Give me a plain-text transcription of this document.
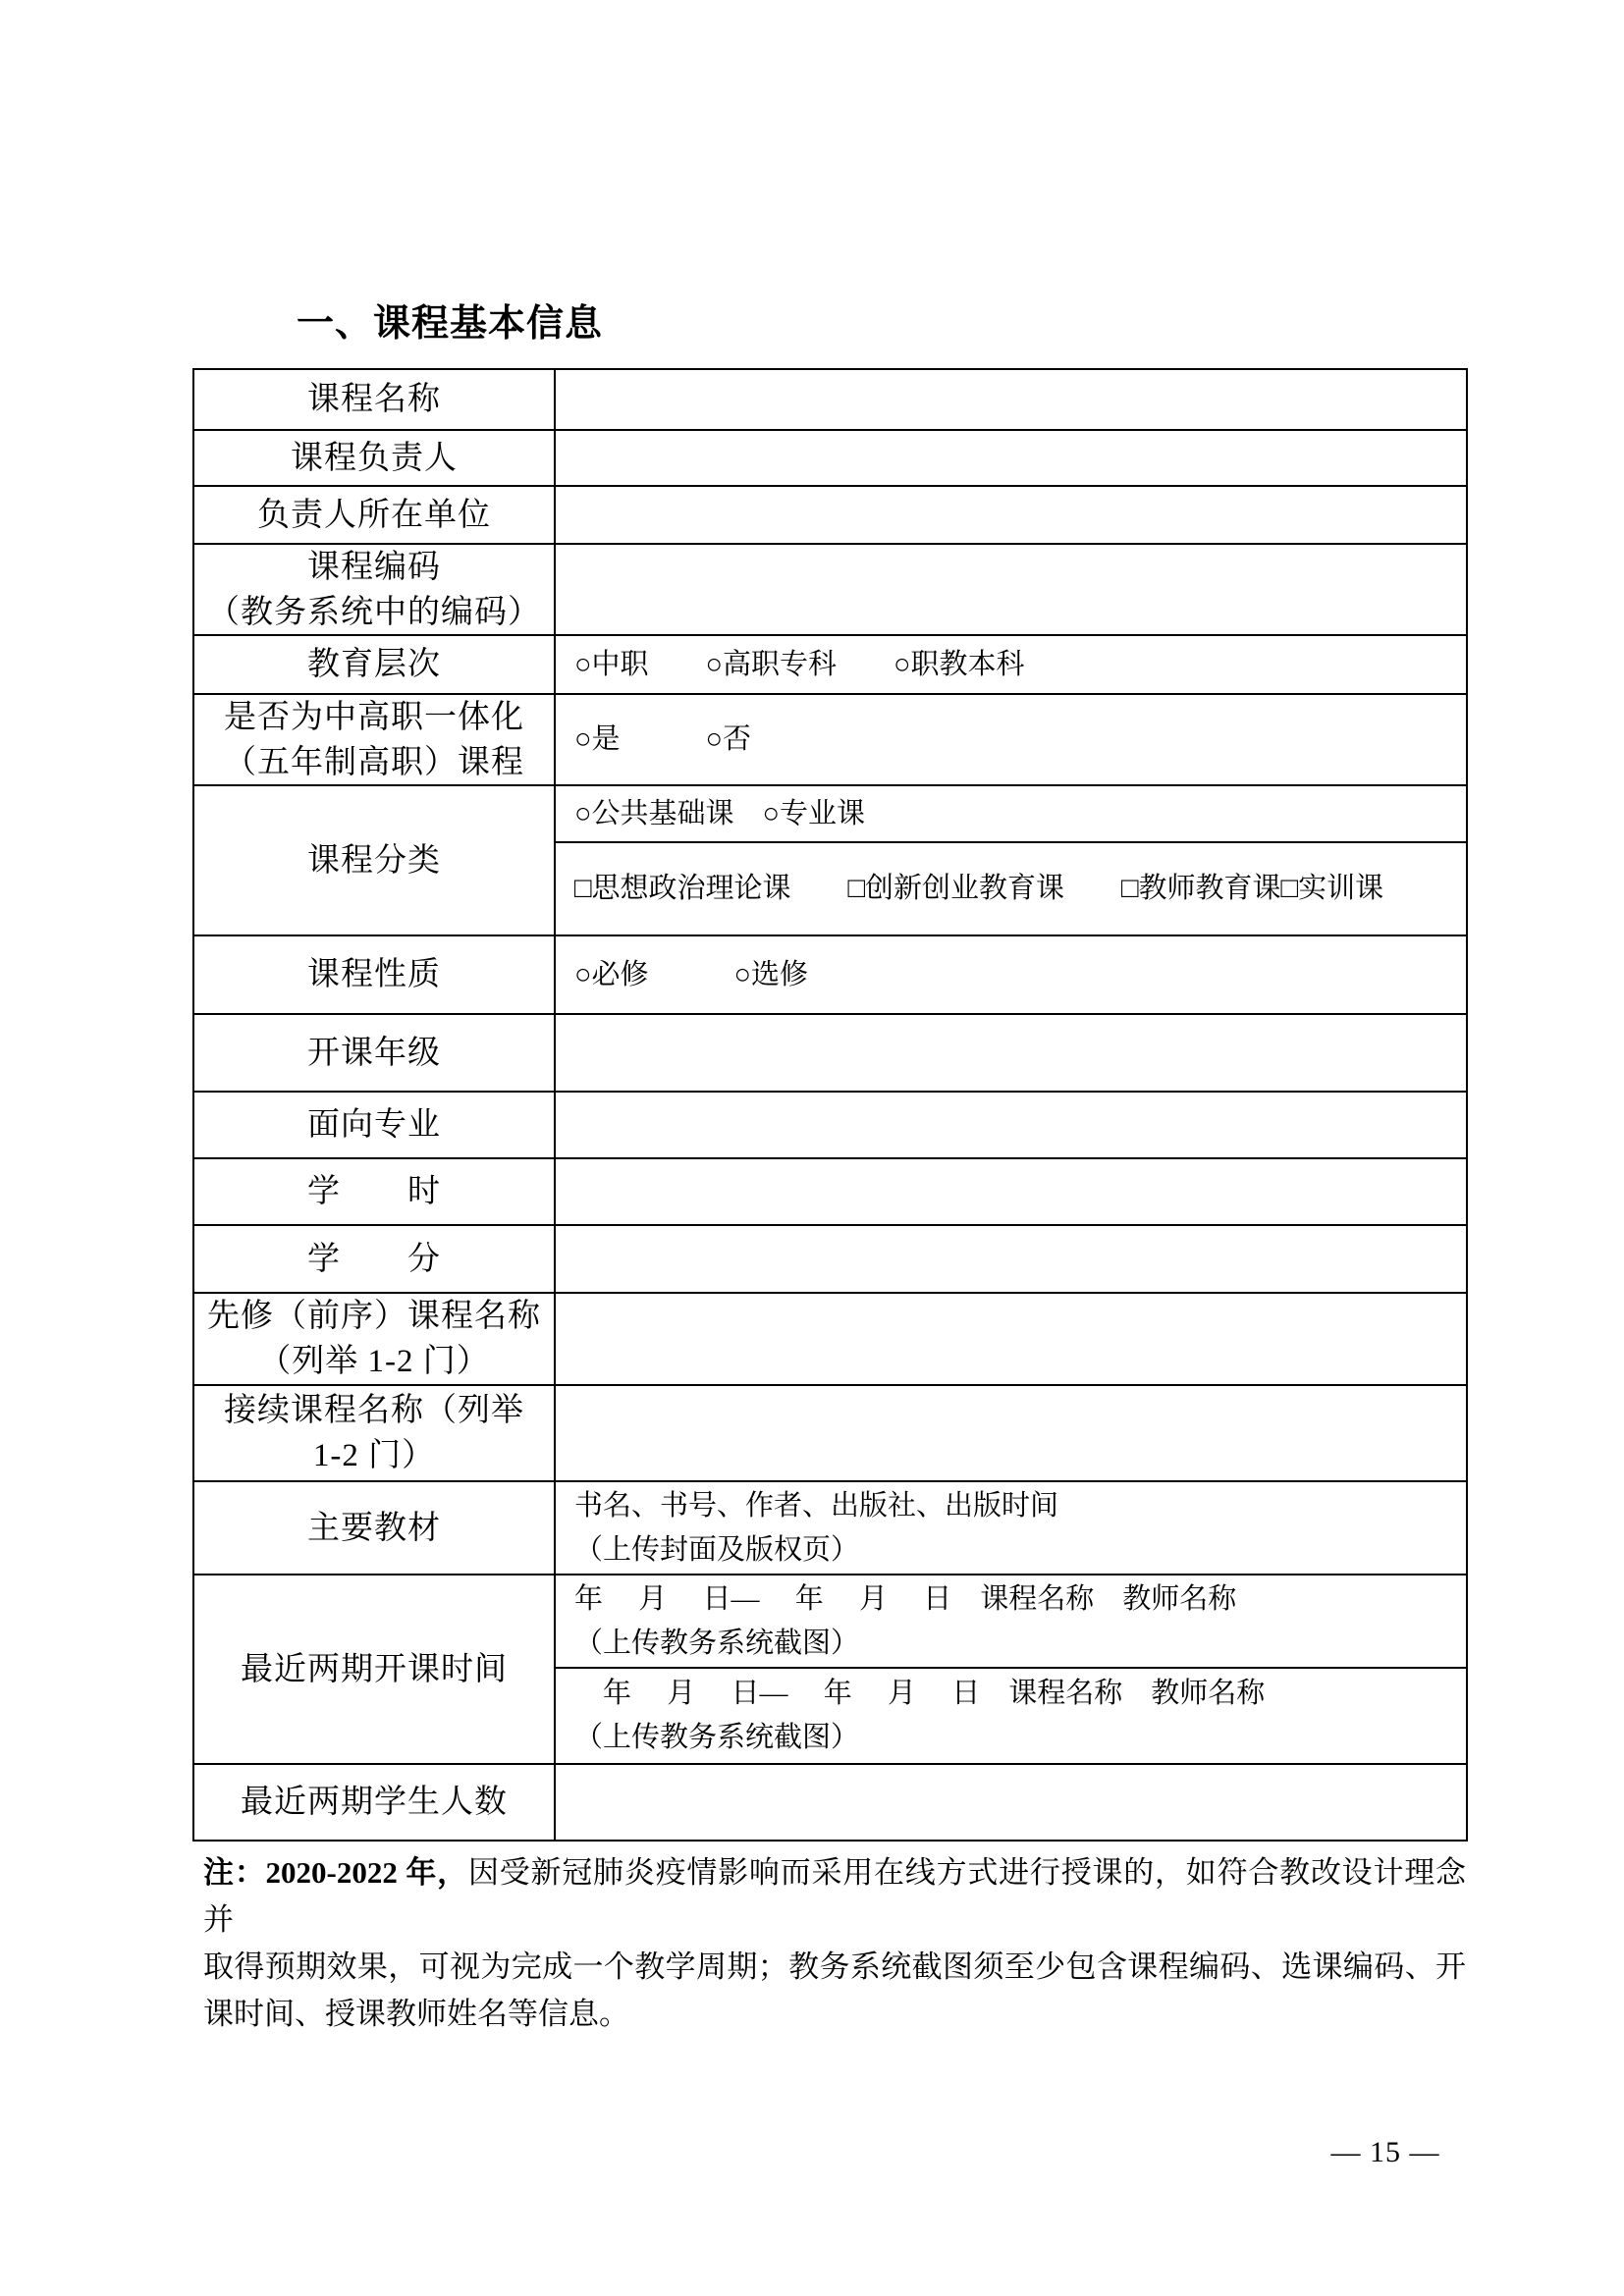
一、课程基本信息
课程名称
课程负责人
负责人所在单位
课程编码
（教务系统中的编码）
教育层次	○中职　　○高职专科　　○职教本科
是否为中高职一体化
（五年制高职）课程
○是　　　○否
课程分类
○公共基础课　○专业课
□思想政治理论课　　□创新创业教育课　　□教师教育课□实训课
课程性质	○必修　　　○选修
开课年级
面向专业
学　　时
学　　分
先修（前序）课程名称
（列举 1-2 门）
接续课程名称（列举
1-2 门）
主要教材
书名、书号、作者、出版社、出版时间
（上传封面及版权页）
最近两期开课时间
年　 月　 日—　 年　 月　 日　课程名称　教师名称
（上传教务系统截图）
　年　 月　 日—　 年　 月　 日　课程名称　教师名称
（上传教务系统截图）
最近两期学生人数
注：2020-2022 年，因受新冠肺炎疫情影响而采用在线方式进行授课的，如符合教改设计理念并
取得预期效果，可视为完成一个教学周期；教务系统截图须至少包含课程编码、选课编码、开
课时间、授课教师姓名等信息。
— 15 —
